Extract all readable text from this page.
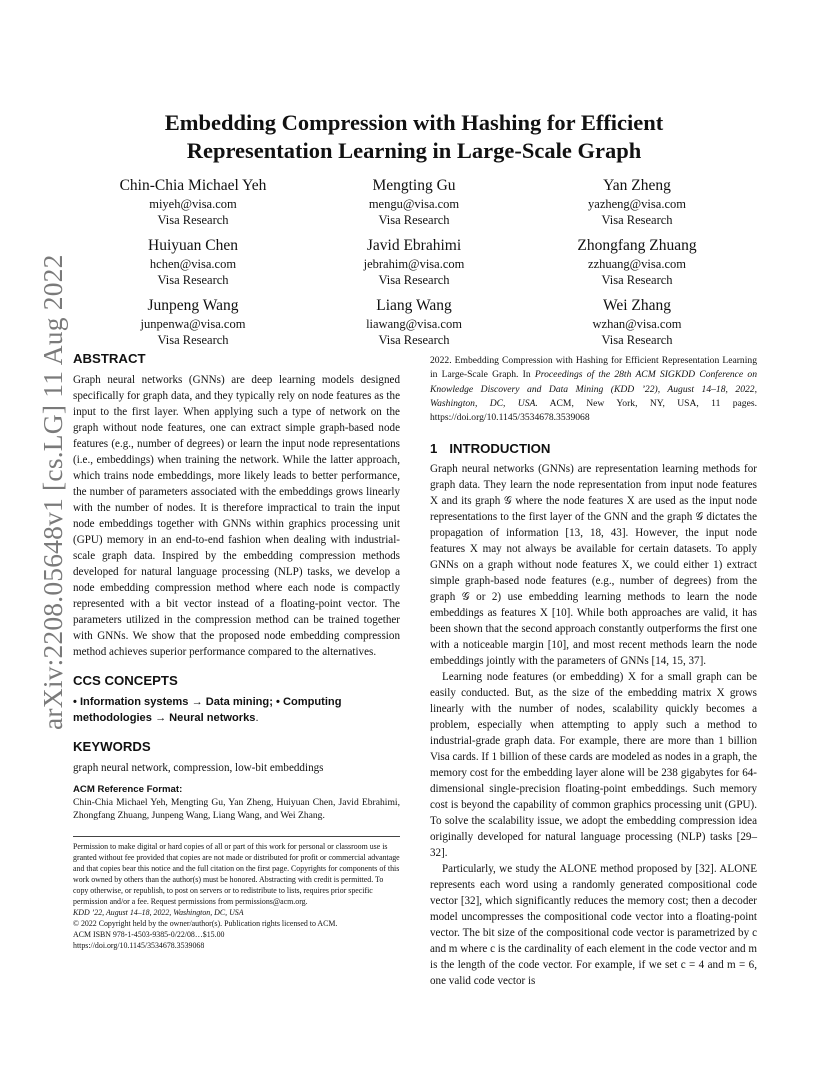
arXiv:2208.05648v1 [cs.LG] 11 Aug 2022
Embedding Compression with Hashing for Efficient
Representation Learning in Large-Scale Graph
Chin-Chia Michael Yeh
miyeh@visa.com
Visa Research
Mengting Gu
mengu@visa.com
Visa Research
Yan Zheng
yazheng@visa.com
Visa Research
Huiyuan Chen
hchen@visa.com
Visa Research
Javid Ebrahimi
jebrahim@visa.com
Visa Research
Zhongfang Zhuang
zzhuang@visa.com
Visa Research
Junpeng Wang
junpenwa@visa.com
Visa Research
Liang Wang
liawang@visa.com
Visa Research
Wei Zhang
wzhan@visa.com
Visa Research
ABSTRACT

Graph neural networks (GNNs) are deep learning models designed specifically for graph data, and they typically rely on node features as the input to the first layer. When applying such a type of network on the graph without node features, one can extract simple graph-based node features (e.g., number of degrees) or learn the input node representations (i.e., embeddings) when training the network. While the latter approach, which trains node embeddings, more likely leads to better performance, the number of parameters associated with the embeddings grows linearly with the number of nodes. It is therefore impractical to train the input node embeddings together with GNNs within graphics processing unit (GPU) memory in an end-to-end fashion when dealing with industrial-scale graph data. Inspired by the embedding compression methods developed for natural language processing (NLP) tasks, we develop a node embedding compression method where each node is compactly represented with a bit vector instead of a floating-point vector. The parameters utilized in the compression method can be trained together with GNNs. We show that the proposed node embedding compression method achieves superior performance compared to the alternatives.

CCS CONCEPTS

• Information systems → Data mining; • Computing methodologies → Neural networks.

KEYWORDS

graph neural network, compression, low-bit embeddings

ACM Reference Format:
Chin-Chia Michael Yeh, Mengting Gu, Yan Zheng, Huiyuan Chen, Javid Ebrahimi, Zhongfang Zhuang, Junpeng Wang, Liang Wang, and Wei Zhang.
Permission to make digital or hard copies of all or part of this work for personal or classroom use is granted without fee provided that copies are not made or distributed for profit or commercial advantage and that copies bear this notice and the full citation on the first page. Copyrights for components of this work owned by others than the author(s) must be honored. Abstracting with credit is permitted. To copy otherwise, or republish, to post on servers or to redistribute to lists, requires prior specific permission and/or a fee. Request permissions from permissions@acm.org.
KDD ’22, August 14–18, 2022, Washington, DC, USA
© 2022 Copyright held by the owner/author(s). Publication rights licensed to ACM.
ACM ISBN 978-1-4503-9385-0/22/08…$15.00
https://doi.org/10.1145/3534678.3539068
2022. Embedding Compression with Hashing for Efficient Representation Learning in Large-Scale Graph. In Proceedings of the 28th ACM SIGKDD Conference on Knowledge Discovery and Data Mining (KDD ’22), August 14–18, 2022, Washington, DC, USA. ACM, New York, NY, USA, 11 pages. https://doi.org/10.1145/3534678.3539068
1 INTRODUCTION

Graph neural networks (GNNs) are representation learning methods for graph data. They learn the node representation from input node features X and its graph 𝒢 where the node features X are used as the input node representations to the first layer of the GNN and the graph 𝒢 dictates the propagation of information [13, 18, 43]. However, the input node features X may not always be available for certain datasets. To apply GNNs on a graph without node features X, we could either 1) extract simple graph-based node features (e.g., number of degrees) from the graph 𝒢 or 2) use embedding learning methods to learn the node embeddings as features X [10]. While both approaches are valid, it has been shown that the second approach constantly outperforms the first one with a noticeable margin [10], and most recent methods learn the node embeddings jointly with the parameters of GNNs [14, 15, 37].

Learning node features (or embedding) X for a small graph can be easily conducted. But, as the size of the embedding matrix X grows linearly with the number of nodes, scalability quickly becomes a problem, especially when attempting to apply such a method to industrial-grade graph data. For example, there are more than 1 billion Visa cards. If 1 billion of these cards are modeled as nodes in a graph, the memory cost for the embedding layer alone will be 238 gigabytes for 64-dimensional single-precision floating-point embeddings. Such memory cost is beyond the capability of common graphics processing unit (GPU). To solve the scalability issue, we adopt the embedding compression idea originally developed for natural language processing (NLP) tasks [29–32].

Particularly, we study the ALONE method proposed by [32]. ALONE represents each word using a randomly generated compositional code vector [32], which significantly reduces the memory cost; then a decoder model uncompresses the compositional code vector into a floating-point vector. The bit size of the compositional code vector is parametrized by c and m where c is the cardinality of each element in the code vector and m is the length of the code vector. For example, if we set c = 4 and m = 6, one valid code vector is
